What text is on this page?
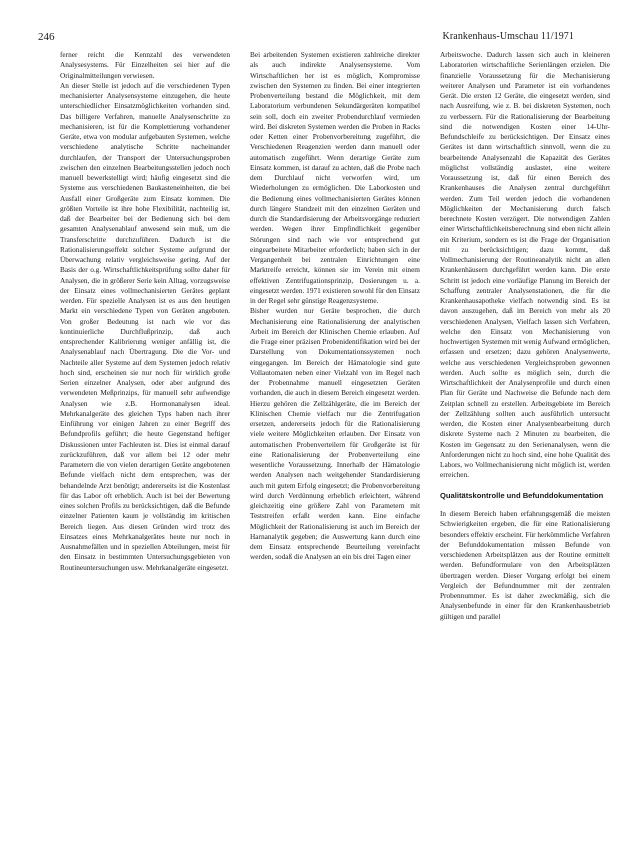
246	Krankenhaus-Umschau 11/1971

ferner reicht die Kennzahl des verwendeten Analysesystems. Für Einzelheiten sei hier auf die Originalmitteilungen verwiesen.

An dieser Stelle ist jedoch auf die verschiedenen Typen mechanisierter Analysensysteme einzugehen, die heute unterschiedlicher Einsatzmöglichkeiten vorhanden sind. Das billigere Verfahren, manuelle Analysenschritte zu mechanisieren, ist für die Komplettierung vorhandener Geräte, etwa von modular aufgebauten Systemen, welche verschiedene analytische Schritte nacheinander durchlaufen, der Transport der Untersuchungsproben zwischen den einzelnen Bearbeitungsstellen jedoch noch manuell bewerkstelligt wird; häufig eingesetzt sind die Systeme aus verschiedenen Baukasteneinheiten, die bei Ausfall einer Großgeräte zum Einsatz kommen. Die größten Vorteile ist ihre hohe Flexibilität, nachteilig ist, daß der Bearbeiter bei der Bedienung sich bei dem gesamten Analysenablauf anwesend sein muß, um die Transferschritte durchzuführen. Dadurch ist die Rationalisierungseffekt solcher Systeme aufgrund der Überwachung relativ vergleichsweise gering. Auf der Basis der o.g. Wirtschaftlichkeitsprüfung sollte daher für Analysen, die in größerer Serie kein Alltag, vorzugsweise der Einsatz eines vollmechanisierten Gerätes geplant werden. Für spezielle Analysen ist es aus den heutigen Markt ein verschiedene Typen von Geräten angeboten. Von großer Bedeutung ist nach wie vor das kontinuierliche Durchflußprinzip, daß auch entsprechender Kalibrierung weniger anfällig ist, die Analysenablauf nach Übertragung. Die die Vor- und Nachteile aller Systeme auf dem Systemen jedoch relativ hoch sind, erscheinen sie nur noch für wirklich große Serien einzelner Analysen, oder aber aufgrund des verwendeten Meßprinzips, für manuell sehr aufwendige Analysen wie z.B. Hormonanalysen ideal. Mehrkanalgeräte des gleichen Typs haben nach ihrer Einführung vor einigen Jahren zu einer Begriff des Befundprofils geführt; die heute Gegenstand heftiger Diskussionen unter Fachleuten ist. Dies ist einmal darauf zurückzuführen, daß vor allem bei 12 oder mehr Parametern die von vielen derartigen Geräte angebotenen Befunde vielfach nicht dem entsprechen, was der behandelnde Arzt benötigt; andererseits ist die Kostenlast für das Labor oft erheblich. Auch ist bei der Bewertung eines solchen Profils zu berücksichtigen, daß die Befunde einzelner Patienten kaum je vollständig im kritischen Bereich liegen. Aus diesen Gründen wird trotz des Einsatzes eines Mehrkanalgerätes heute nur noch in Ausnahmefällen und in speziellen Abteilungen, meist für den Einsatz in bestimmten Untersuchungsgebieten von Routineuntersuchungen usw. Mehrkanalgeräte eingesetzt.

Bei arbeitenden Systemen existieren zahlreiche direkter als auch indirekte Analysensysteme. Vom Wirtschaftlichen her ist es möglich, Kompromisse zwischen den Systemen zu finden. Bei einer integrierten Probenverteilung bestand die Möglichkeit, mit dem Laboratorium verbundenen Sekundärgeräten kompatibel sein soll, doch ein zweiter Probendurchlauf vermieden wird. Bei diskreten Systemen werden die Proben in Racks oder Ketten einer Probenvorbereitung zugeführt, die Verschiedenen Reagenzien werden dann manuell oder automatisch zugeführt. Wenn derartige Geräte zum Einsatz kommen, ist darauf zu achten, daß die Probe nach dem Durchlauf nicht verworfen wird, um Wiederholungen zu ermöglichen. Die Laborkosten und die Bedienung eines vollmechanisierten Gerätes können durch längere Standzeit mit den einzelnen Geräten und durch die Standardisierung der Arbeitsvorgänge reduziert werden. Wegen ihrer Empfindlichkeit gegenüber Störungen sind nach wie vor entsprechend gut eingearbeitete Mitarbeiter erforderlich; haben sich in der Vergangenheit bei zentralen Einrichtungen eine Marktreife erreicht, können sie im Verein mit einem effektiven Zentrifugationsprinzip, Dosierungen u. a. eingesetzt werden. 1971 existieren sowohl für den Einsatz in der Regel sehr günstige Reagenzsysteme.

Bisher wurden nur Geräte besprochen, die durch Mechanisierung eine Rationalisierung der analytischen Arbeit im Bereich der Klinischen Chemie erlauben. Auf die Frage einer präzisen Probenidentifikation wird bei der Darstellung von Dokumentationssystemen noch eingegangen. Im Bereich der Hämatologie sind gute Vollautomaten neben einer Vielzahl von im Regel nach der Probennahme manuell eingesetzten Geräten vorhanden, die auch in diesem Bereich eingesetzt werden. Hierzu gehören die Zellzählgeräte, die im Bereich der Klinischen Chemie vielfach nur die Zentrifugation ersetzen, andererseits jedoch für die Rationalisierung viele weitere Möglichkeiten erlauben. Der Einsatz von automatischen Probenverteilern für Großgeräte ist für eine Rationalisierung der Probenverteilung eine wesentliche Voraussetzung. Innerhalb der Hämatologie werden Analysen nach weitgehender Standardisierung auch mit gutem Erfolg eingesetzt; die Probenvorbereitung wird durch Verdünnung erheblich erleichtert, während gleichzeitig eine größere Zahl von Parametern mit Teststreifen erfaßt werden kann. Eine einfache Möglichkeit der Rationalisierung ist auch im Bereich der Harnanalytik gegeben; die Auswertung kann durch eine dem Einsatz entsprechende Beurteilung vereinfacht werden, sodaß die Analysen an ein bis drei Tagen einer

Arbeitswoche. Dadurch lassen sich auch in kleineren Laboratorien wirtschaftliche Serienlängen erzielen. Die finanzielle Voraussetzung für die Mechanisierung weiterer Analysen und Parameter ist ein vorhandenes Gerät. Die ersten 12 Geräte, die eingesetzt werden, sind nach Ausreifung, wie z. B. bei diskreten Systemen, noch zu verbessern. Für die Rationalisierung der Bearbeitung sind die notwendigen Kosten einer 14-Uhr-Befundschleife zu berücksichtigen. Der Einsatz eines Gerätes ist dann wirtschaftlich sinnvoll, wenn die zu bearbeitende Analysenzahl die Kapazität des Gerätes möglichst vollständig auslastet, eine weitere Voraussetzung ist, daß für einen Bereich des Krankenhauses die Analysen zentral durchgeführt werden. Zum Teil werden jedoch die vorhandenen Möglichkeiten der Mechanisierung durch falsch berechnete Kosten verzögert. Die notwendigen Zahlen einer Wirtschaftlichkeitsberechnung sind eben nicht allein ein Kriterium, sondern es ist die Frage der Organisation mit zu berücksichtigen; dazu kommt, daß Vollmechanisierung der Routineanalytik nicht an allen Krankenhäusern durchgeführt werden kann. Die erste Schritt ist jedoch eine vorläufige Planung im Bereich der Schaffung zentraler Analysenstationen, die für die Krankenhausapotheke vielfach notwendig sind. Es ist davon auszugehen, daß im Bereich von mehr als 20 verschiedenen Analysen, Vielfach lassen sich Verfahren, welche den Einsatz von Mechanisierung von hochwertigen Systemen mit wenig Aufwand ermöglichen, erfassen und ersetzen; dazu gehören Analysenwerte, welche aus verschiedenen Vergleichsproben gewonnen werden. Auch sollte es möglich sein, durch die Wirtschaftlichkeit der Analysenprofile und durch einen Plan für Geräte und Nachweise die Befunde nach dem Zeitplan schnell zu erstellen. Arbeitsgebiete im Bereich der Zellzählung sollten auch ausführlich untersucht werden, die Kosten einer Analysenbearbeitung durch diskrete Systeme nach 2 Minuten zu bearbeiten, die Kosten im Gegensatz zu den Serienanalysen, wenn die Anforderungen nicht zu hoch sind, eine hohe Qualität des Labors, wo Vollmechanisierung nicht möglich ist, werden erreichen.

Qualitätskontrolle und Befunddokumentation

In diesem Bereich haben erfahrungsgemäß die meisten Schwierigkeiten ergeben, die für eine Rationalisierung besonders effektiv erscheint. Für herkömmliche Verfahren der Befunddokumentation müssen Befunde von verschiedenen Arbeitsplätzen aus der Routine ermittelt werden. Befundformulare von den Arbeitsplätzen übertragen werden. Dieser Vorgang erfolgt bei einem Vergleich der Befundnummer mit der zentralen Probennummer. Es ist daher zweckmäßig, sich die Analysenbefunde in einer für den Krankenhausbetrieb gültigen und parallel
